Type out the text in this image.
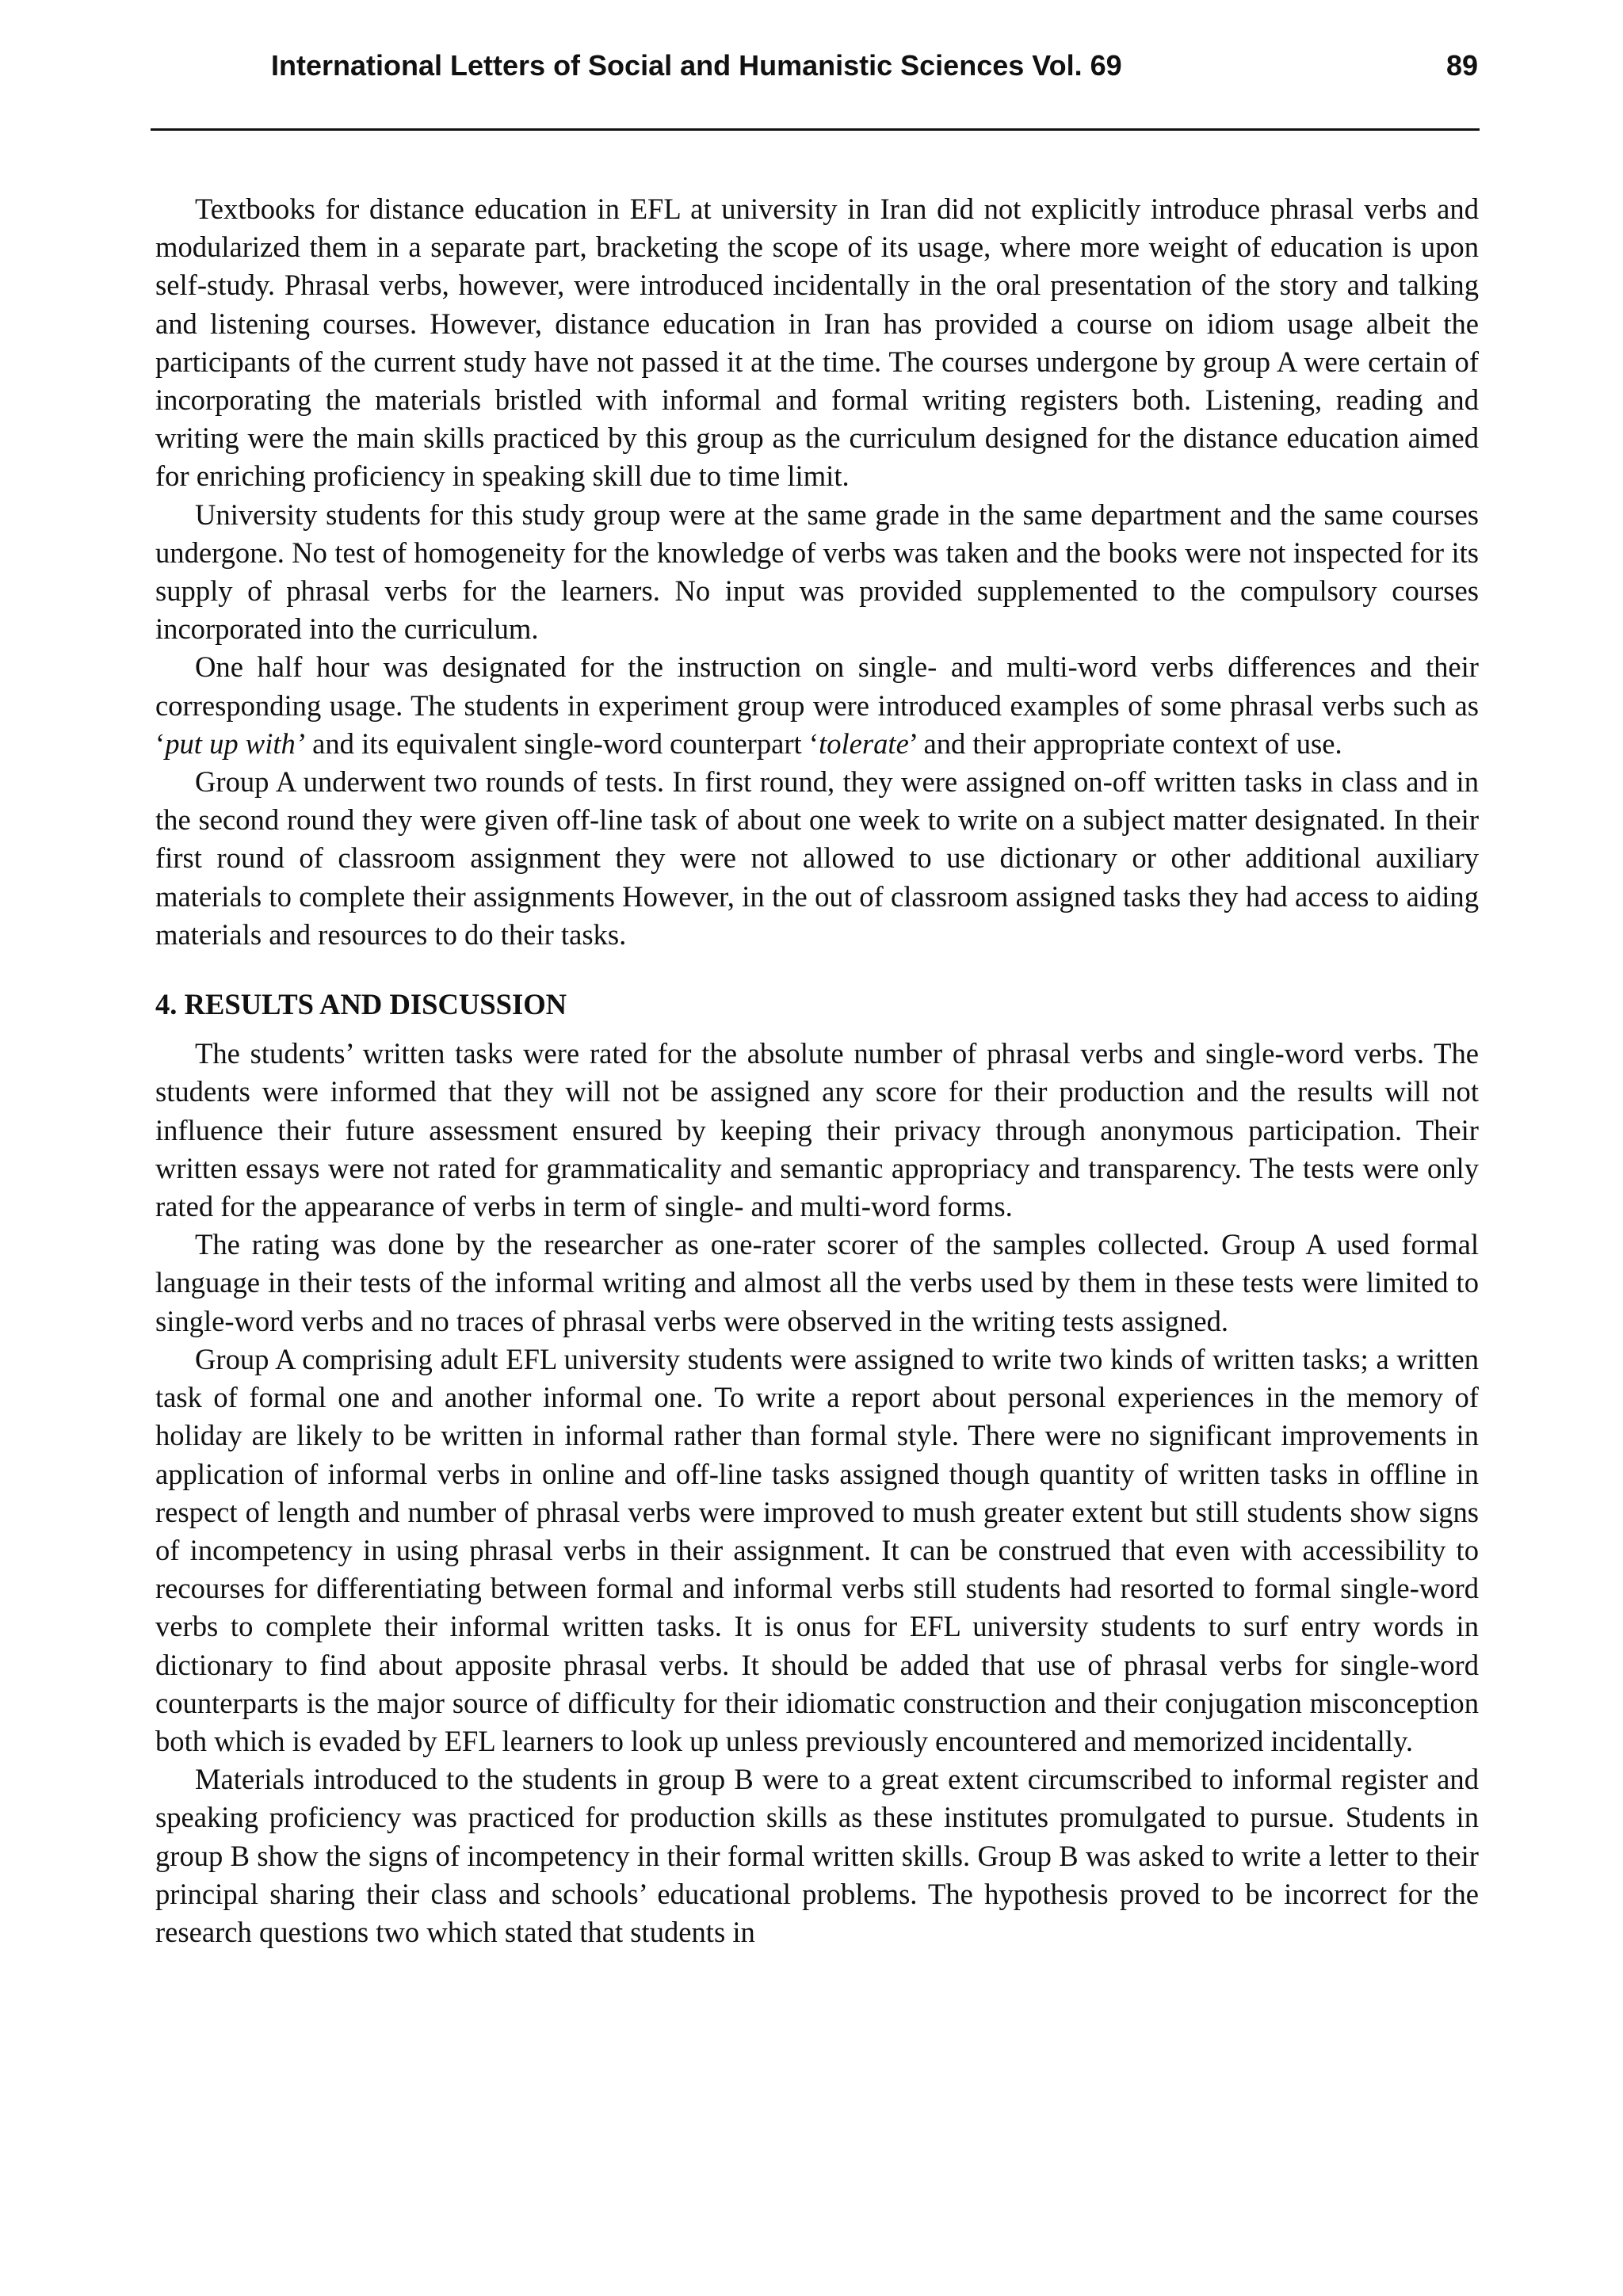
International Letters of Social and Humanistic Sciences Vol. 69	89

Textbooks for distance education in EFL at university in Iran did not explicitly introduce phrasal verbs and modularized them in a separate part, bracketing the scope of its usage, where more weight of education is upon self-study. Phrasal verbs, however, were introduced incidentally in the oral presentation of the story and talking and listening courses. However, distance education in Iran has provided a course on idiom usage albeit the participants of the current study have not passed it at the time. The courses undergone by group A were certain of incorporating the materials bristled with informal and formal writing registers both. Listening, reading and writing were the main skills practiced by this group as the curriculum designed for the distance education aimed for enriching proficiency in speaking skill due to time limit.

University students for this study group were at the same grade in the same department and the same courses undergone. No test of homogeneity for the knowledge of verbs was taken and the books were not inspected for its supply of phrasal verbs for the learners. No input was provided supplemented to the compulsory courses incorporated into the curriculum.

One half hour was designated for the instruction on single- and multi-word verbs differences and their corresponding usage. The students in experiment group were introduced examples of some phrasal verbs such as ‘put up with’ and its equivalent single-word counterpart ‘tolerate’ and their appropriate context of use.

Group A underwent two rounds of tests. In first round, they were assigned on-off written tasks in class and in the second round they were given off-line task of about one week to write on a subject matter designated. In their first round of classroom assignment they were not allowed to use dictionary or other additional auxiliary materials to complete their assignments However, in the out of classroom assigned tasks they had access to aiding materials and resources to do their tasks.

4. RESULTS AND DISCUSSION

The students’ written tasks were rated for the absolute number of phrasal verbs and single-word verbs. The students were informed that they will not be assigned any score for their production and the results will not influence their future assessment ensured by keeping their privacy through anonymous participation. Their written essays were not rated for grammaticality and semantic appropriacy and transparency. The tests were only rated for the appearance of verbs in term of single- and multi-word forms.

The rating was done by the researcher as one-rater scorer of the samples collected. Group A used formal language in their tests of the informal writing and almost all the verbs used by them in these tests were limited to single-word verbs and no traces of phrasal verbs were observed in the writing tests assigned.

Group A comprising adult EFL university students were assigned to write two kinds of written tasks; a written task of formal one and another informal one. To write a report about personal experiences in the memory of holiday are likely to be written in informal rather than formal style. There were no significant improvements in application of informal verbs in online and off-line tasks assigned though quantity of written tasks in offline in respect of length and number of phrasal verbs were improved to mush greater extent but still students show signs of incompetency in using phrasal verbs in their assignment. It can be construed that even with accessibility to recourses for differentiating between formal and informal verbs still students had resorted to formal single-word verbs to complete their informal written tasks. It is onus for EFL university students to surf entry words in dictionary to find about apposite phrasal verbs. It should be added that use of phrasal verbs for single-word counterparts is the major source of difficulty for their idiomatic construction and their conjugation misconception both which is evaded by EFL learners to look up unless previously encountered and memorized incidentally.

Materials introduced to the students in group B were to a great extent circumscribed to informal register and speaking proficiency was practiced for production skills as these institutes promulgated to pursue. Students in group B show the signs of incompetency in their formal written skills. Group B was asked to write a letter to their principal sharing their class and schools’ educational problems. The hypothesis proved to be incorrect for the research questions two which stated that students in
